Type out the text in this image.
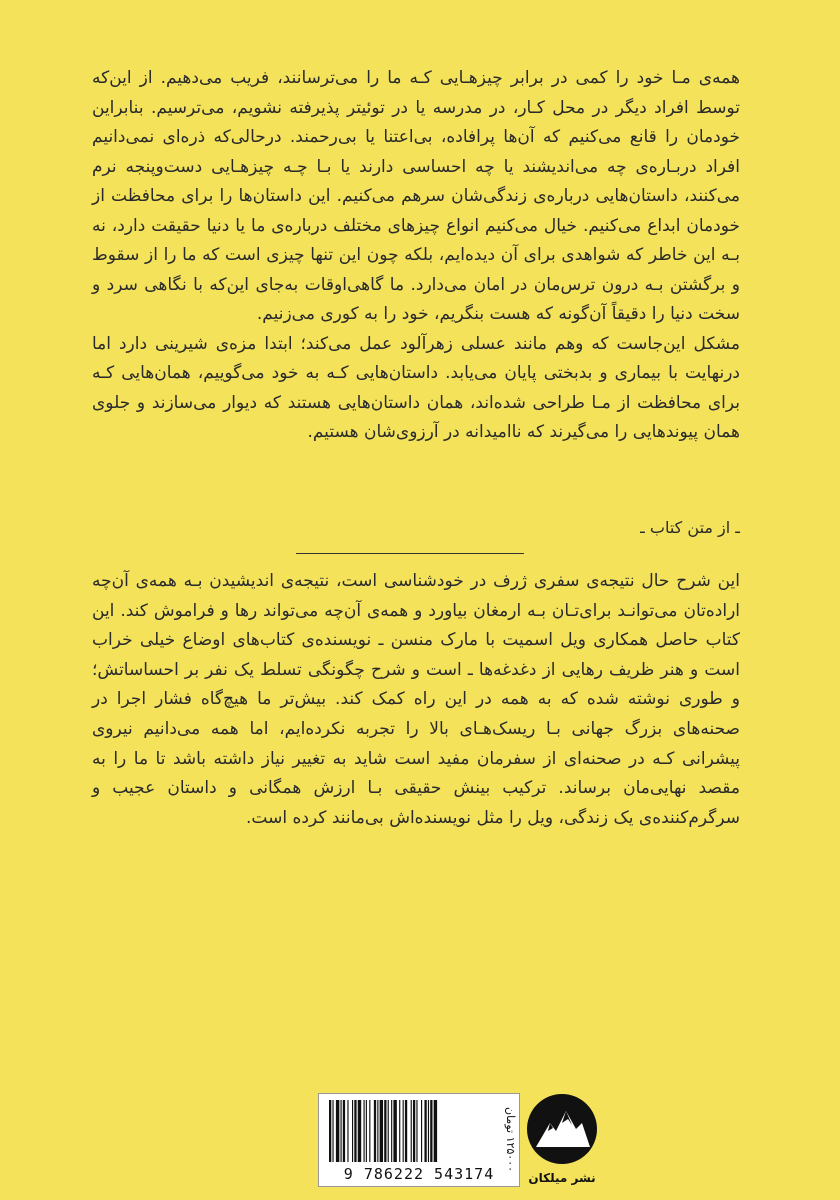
همه‌ی مـا خود را کمی در برابر چیزهـایی کـه ما را می‌ترسانند، فریب می‌دهیم. از این‌که توسط افراد دیگر در محل کـار، در مدرسه یا در توئیتر پذیرفته نشویم، می‌ترسیم. بنابراین خودمان را قانع می‌کنیم که آن‌ها پرافاده، بی‌اعتنا یا بی‌رحمند. درحالی‌که ذره‌ای نمی‌دانیم افراد دربـاره‌ی چه می‌اندیشند یا چه احساسی دارند یا بـا چـه چیزهـایی دست‌وپنجه نرم می‌کنند، داستان‌هایی درباره‌ی زندگی‌شان سرهم می‌کنیم. این داستان‌ها را برای محافظت از خودمان ابداع می‌کنیم. خیال می‌کنیم انواع چیزهای مختلف درباره‌ی ما یا دنیا حقیقت دارد، نه بـه این خاطر که شواهدی برای آن دیده‌ایم، بلکه چون این تنها چیزی است که ما را از سقوط و برگشتن بـه درون ترس‌مان در امان می‌دارد. ما گاهی‌اوقات به‌جای این‌که با نگاهی سرد و سخت دنیا را دقیقاً آن‌گونه که هست بنگریم، خود را به کوری می‌زنیم.

مشکل این‌جاست که وهم مانند عسلی زهرآلود عمل می‌کند؛ ابتدا مزه‌ی شیرینی دارد اما درنهایت با بیماری و بدبختی پایان می‌یابد. داستان‌هایی کـه به خود می‌گوییم، همان‌هایی کـه برای محافظت از مـا طراحی شده‌اند، همان داستان‌هایی هستند که دیوار می‌سازند و جلوی همان پیوندهایی را می‌گیرند که ناامیدانه در آرزوی‌شان هستیم.

ـ از متن کتاب ـ

این شرح حال نتیجه‌ی سفری ژرف در خودشناسی است، نتیجه‌ی اندیشیدن بـه همه‌ی آن‌چه اراده‌تان می‌توانـد برای‌تـان بـه ارمغان بیاورد و همه‌ی آن‌چه می‌تواند رها و فراموش کند. این کتاب حاصل همکاری ویل اسمیت با مارک منسن ـ نویسنده‌ی کتاب‌های اوضاع خیلی خراب است و هنر ظریف رهایی از دغدغه‌ها ـ است و شرح چگونگی تسلط یک نفر بر احساساتش؛ و طوری نوشته شده که به همه در این راه کمک کند. بیش‌تر ما هیچ‌گاه فشار اجرا در صحنه‌های بزرگ جهانی بـا ریسک‌هـای بالا را تجربه نکرده‌ایم، اما همه می‌دانیم نیروی پیشرانی کـه در صحنه‌ای از سفرمان مفید است شاید به تغییر نیاز داشته باشد تا ما را به مقصد نهایی‌مان برساند. ترکیب بینش حقیقی بـا ارزش همگانی و داستان عجیب و سرگرم‌کننده‌ی یک زندگی، ویل را مثل نویسنده‌اش بی‌مانند کرده است.

9 786222 543174
۱۲۵۰۰۰ تومان
نشر میلکان
